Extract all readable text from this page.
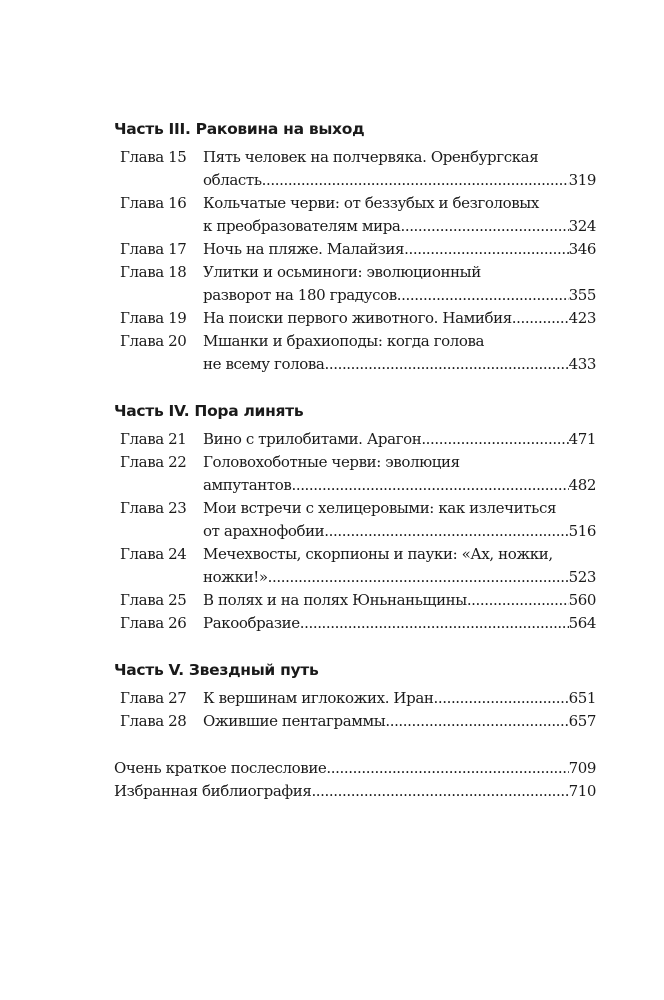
Часть III. Раковина на выход
Глава 15	Пять человек на полчервяка. Оренбургская
область .....	319
Глава 16	Кольчатые черви: от беззубых и безголовых
к преобразователям мира .....	324
Глава 17	Ночь на пляже. Малайзия .....	346
Глава 18	Улитки и осьминоги: эволюционный
разворот на 180 градусов .....	355
Глава 19	На поиски первого животного. Намибия .....	423
Глава 20	Мшанки и брахиоподы: когда голова
не всему голова .....	433
Часть IV. Пора линять
Глава 21	Вино с трилобитами. Арагон .....	471
Глава 22	Головохоботные черви: эволюция
ампутантов .....	482
Глава 23	Мои встречи с хелицеровыми: как излечиться
от арахнофобии .....	516
Глава 24	Мечехвосты, скорпионы и пауки: «Ах, ножки,
ножки!» .....	523
Глава 25	В полях и на полях Юньнаньщины .....	560
Глава 26	Ракообразие .....	564
Часть V. Звездный путь
Глава 27	К вершинам иглокожих. Иран .....	651
Глава 28	Ожившие пентаграммы .....	657
Очень краткое послесловие .....	709
Избранная библиография .....	710
